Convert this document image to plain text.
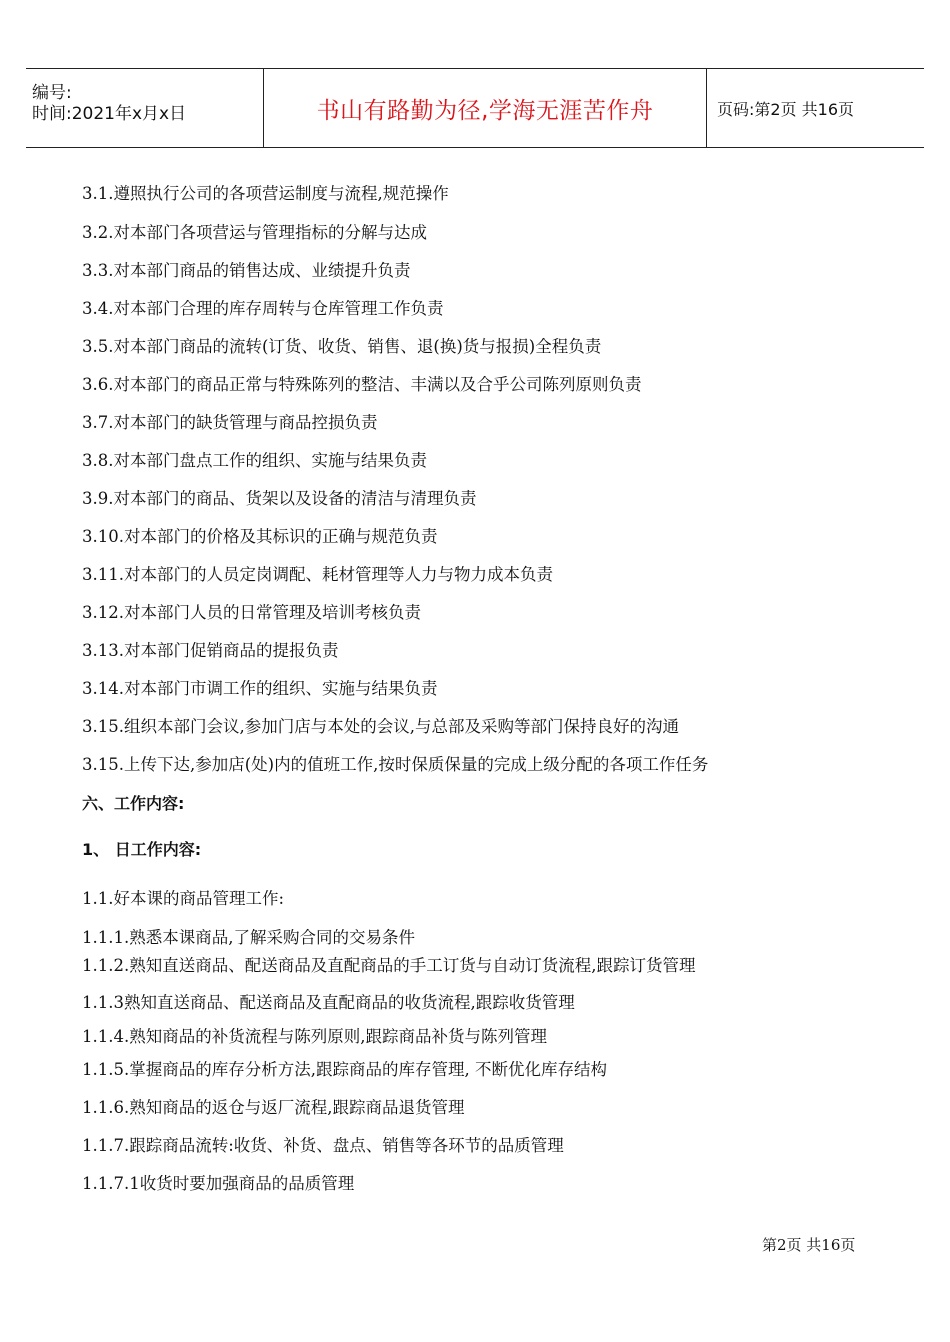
编号:
时间:2021年x月x日	书山有路勤为径,学海无涯苦作舟	页码:第2页 共16页
3.1.遵照执行公司的各项营运制度与流程,规范操作
3.2.对本部门各项营运与管理指标的分解与达成
3.3.对本部门商品的销售达成、业绩提升负责
3.4.对本部门合理的库存周转与仓库管理工作负责
3.5.对本部门商品的流转(订货、收货、销售、退(换)货与报损)全程负责
3.6.对本部门的商品正常与特殊陈列的整洁、丰满以及合乎公司陈列原则负责
3.7.对本部门的缺货管理与商品控损负责
3.8.对本部门盘点工作的组织、实施与结果负责
3.9.对本部门的商品、货架以及设备的清洁与清理负责
3.10.对本部门的价格及其标识的正确与规范负责
3.11.对本部门的人员定岗调配、耗材管理等人力与物力成本负责
3.12.对本部门人员的日常管理及培训考核负责
3.13.对本部门促销商品的提报负责
3.14.对本部门市调工作的组织、实施与结果负责
3.15.组织本部门会议,参加门店与本处的会议,与总部及采购等部门保持良好的沟通
3.15.上传下达,参加店(处)内的值班工作,按时保质保量的完成上级分配的各项工作任务
六、工作内容:
1、 日工作内容:
1.1.好本课的商品管理工作:
1.1.1.熟悉本课商品,了解采购合同的交易条件
1.1.2.熟知直送商品、配送商品及直配商品的手工订货与自动订货流程,跟踪订货管理
1.1.3熟知直送商品、配送商品及直配商品的收货流程,跟踪收货管理
1.1.4.熟知商品的补货流程与陈列原则,跟踪商品补货与陈列管理
1.1.5.掌握商品的库存分析方法,跟踪商品的库存管理, 不断优化库存结构
1.1.6.熟知商品的返仓与返厂流程,跟踪商品退货管理
1.1.7.跟踪商品流转:收货、补货、盘点、销售等各环节的品质管理
1.1.7.1收货时要加强商品的品质管理
第2页 共16页
